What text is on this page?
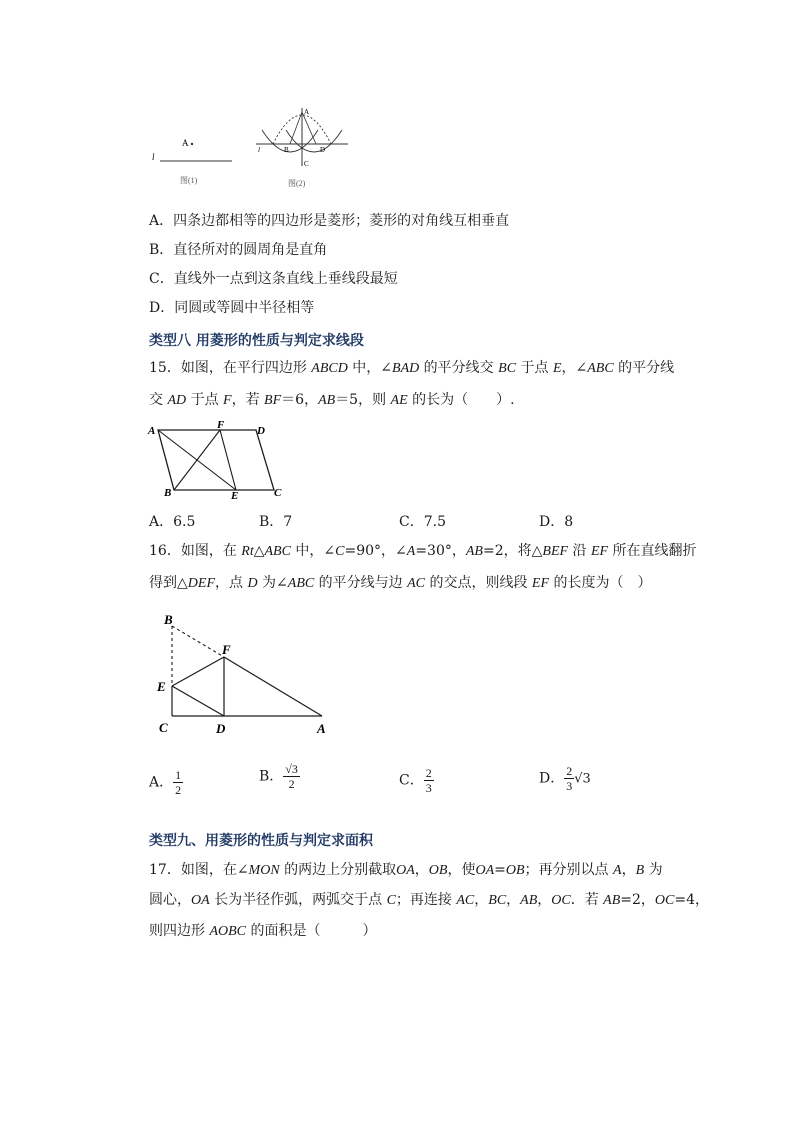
A
l
图(1)
A
l	B	D
C
图(2)
A．四条边都相等的四边形是菱形；菱形的对角线互相垂直
B．直径所对的圆周角是直角
C．直线外一点到这条直线上垂线段最短
D．同圆或等圆中半径相等
类型八 用菱形的性质与判定求线段
15．如图，在平行四边形 ABCD 中，∠BAD 的平分线交 BC 于点 E，∠ABC 的平分线
交 AD 于点 F，若 BF＝6，AB＝5，则 AE 的长为（　　）.
A	F	D
B	E	C
A．6.5	B．7	C．7.5	D．8
16．如图，在 Rt△ABC 中，∠C=90°，∠A=30°，AB=2，将△BEF 沿 EF 所在直线翻折
得到△DEF，点 D 为∠ABC 的平分线与边 AC 的交点，则线段 EF 的长度为（　）
B
F
E
C	D	A
A． $\frac{1}{2}$	B． $\frac{√3}{2}$	C． $\frac{2}{3}$	D． $\frac{2}{3} √3$
类型九、用菱形的性质与判定求面积
17．如图，在∠MON 的两边上分别截取OA，OB，使OA=OB；再分别以点 A，B 为
圆心，OA 长为半径作弧，两弧交于点 C；再连接 AC，BC，AB，OC．若 AB=2，OC=4，
则四边形 AOBC 的面积是（　　　）
